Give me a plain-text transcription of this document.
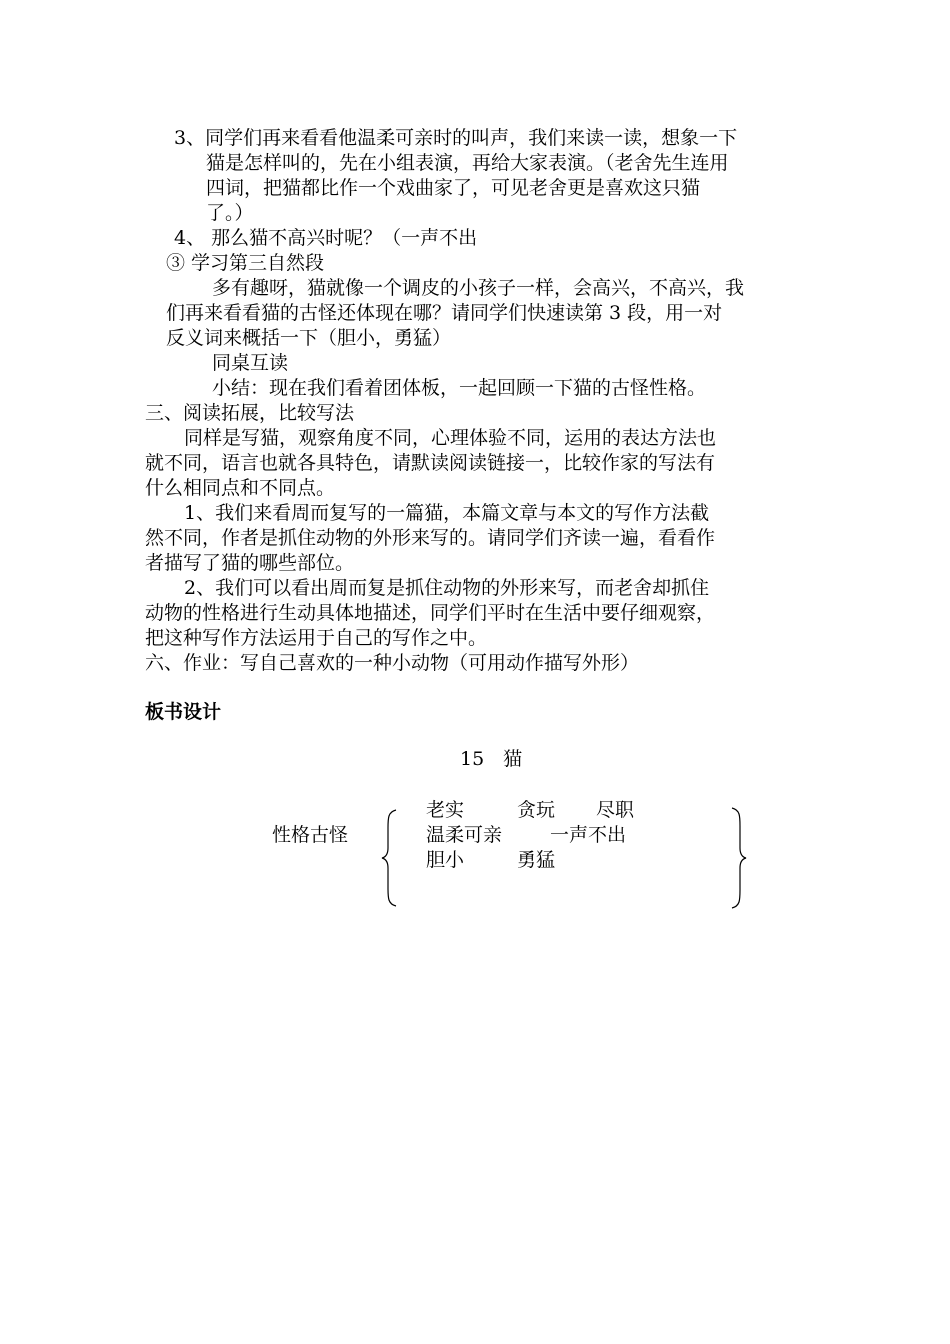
3、同学们再来看看他温柔可亲时的叫声，我们来读一读，想象一下
猫是怎样叫的，先在小组表演，再给大家表演。（老舍先生连用
四词，把猫都比作一个戏曲家了，可见老舍更是喜欢这只猫
了。）
4、 那么猫不高兴时呢？（一声不出
③ 学习第三自然段
多有趣呀，猫就像一个调皮的小孩子一样，会高兴，不高兴，我
们再来看看猫的古怪还体现在哪？请同学们快速读第 3 段，用一对
反义词来概括一下（胆小，勇猛）
同桌互读
小结：现在我们看着团体板，一起回顾一下猫的古怪性格。
三、阅读拓展，比较写法
同样是写猫，观察角度不同，心理体验不同，运用的表达方法也
就不同，语言也就各具特色，请默读阅读链接一，比较作家的写法有
什么相同点和不同点。
1、我们来看周而复写的一篇猫，本篇文章与本文的写作方法截
然不同，作者是抓住动物的外形来写的。请同学们齐读一遍，看看作
者描写了猫的哪些部位。
2、我们可以看出周而复是抓住动物的外形来写，而老舍却抓住
动物的性格进行生动具体地描述，同学们平时在生活中要仔细观察，
把这种写作方法运用于自己的写作之中。
六、作业：写自己喜欢的一种小动物（可用动作描写外形）
板书设计
15　猫
性格古怪
老实	贪玩 尽职
温柔可亲	一声不出
胆小	勇猛
